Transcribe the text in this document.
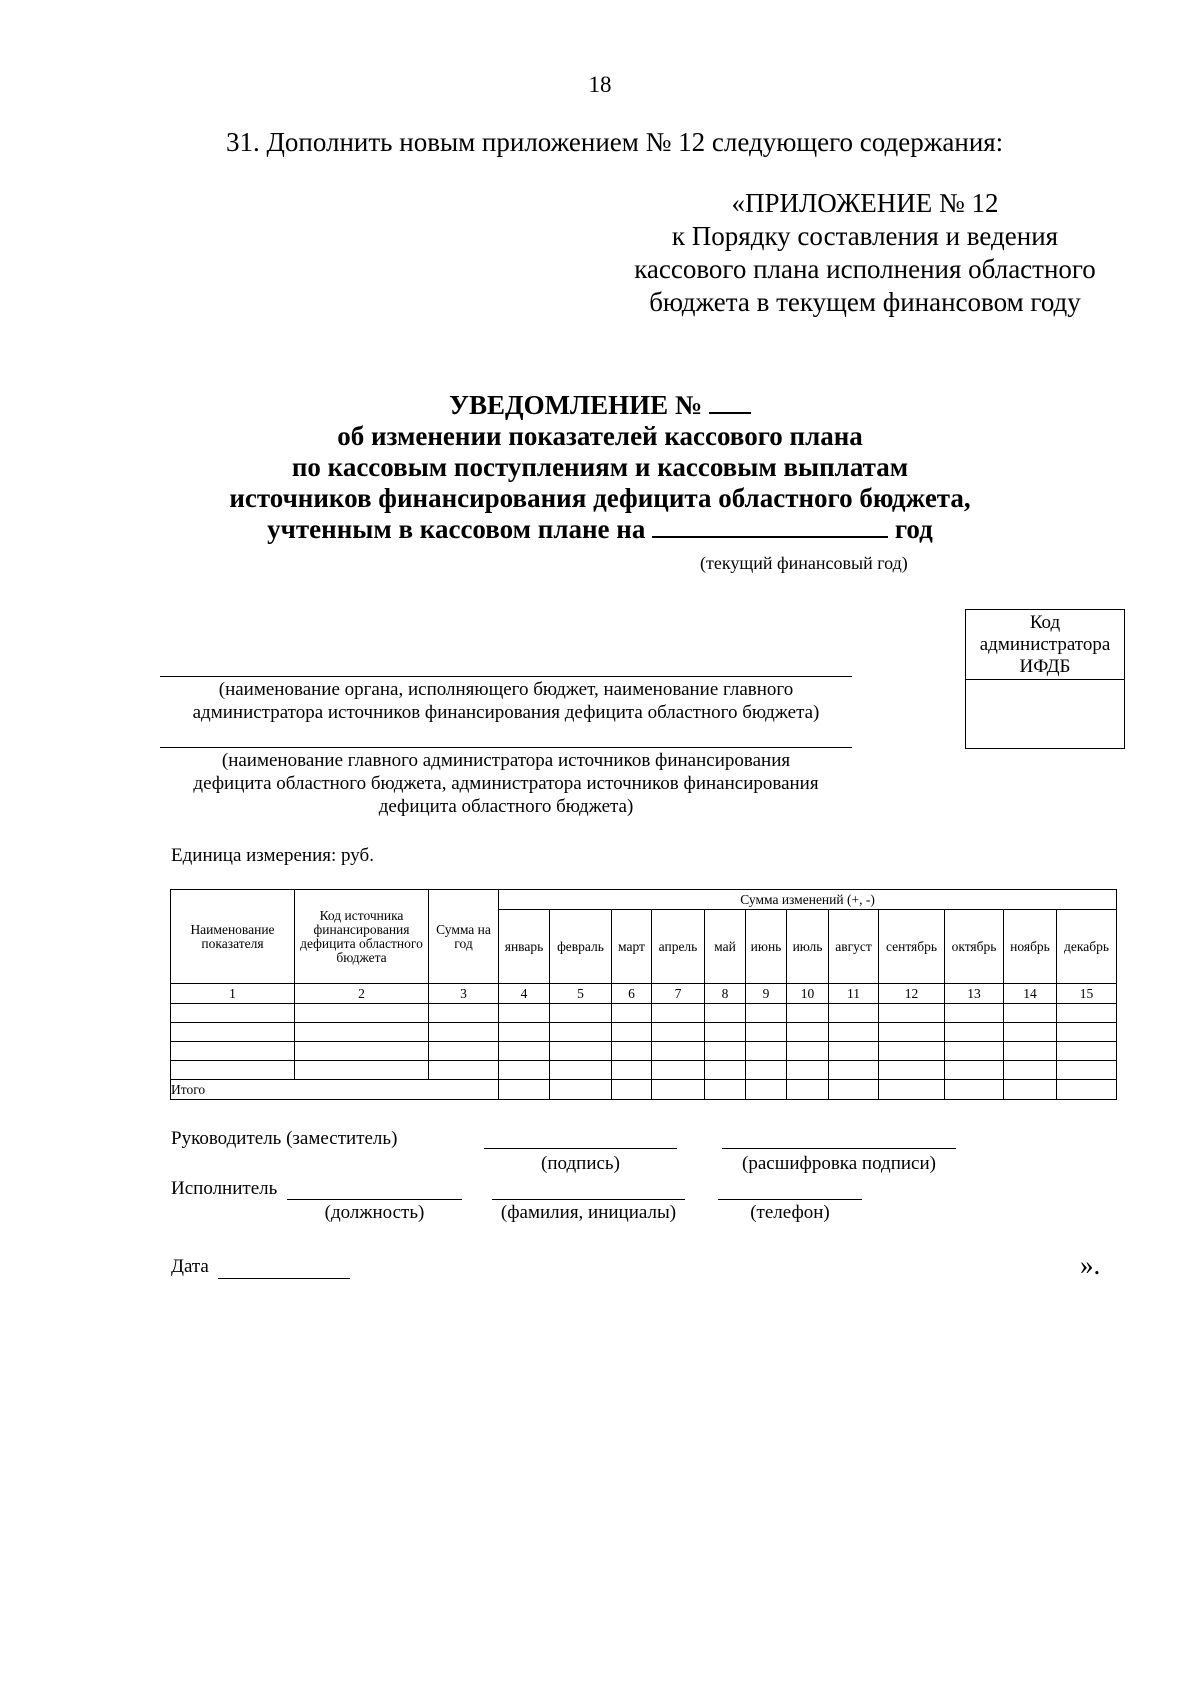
18
31. Дополнить новым приложением № 12 следующего содержания:
«ПРИЛОЖЕНИЕ № 12
к Порядку составления и ведения
кассового плана исполнения областного
бюджета в текущем финансовом году
УВЕДОМЛЕНИЕ №
об изменении показателей кассового плана
по кассовым поступлениям и кассовым выплатам
источников финансирования дефицита областного бюджета,
учтенным в кассовом плане на	год
(текущий финансовый год)
Код
администратора
ИФДБ
(наименование органа, исполняющего бюджет, наименование главного
администратора источников финансирования дефицита областного бюджета)
(наименование главного администратора источников финансирования
дефицита областного бюджета, администратора источников финансирования
дефицита областного бюджета)
Единица измерения: руб.
Наименование показателя	Код источника финансирования дефицита областного бюджета	Сумма на год	Сумма изменений (+, -)											
			январь	февраль	март	апрель	май	июнь	июль	август	сентябрь	октябрь	ноябрь	декабрь
1	2	3	4	5	6	7	8	9	10	11	12	13	14	15

Итого														
Руководитель (заместитель)
(подпись)	(расшифровка подписи)
Исполнитель
(должность)	(фамилия, инициалы)	(телефон)
Дата	».
